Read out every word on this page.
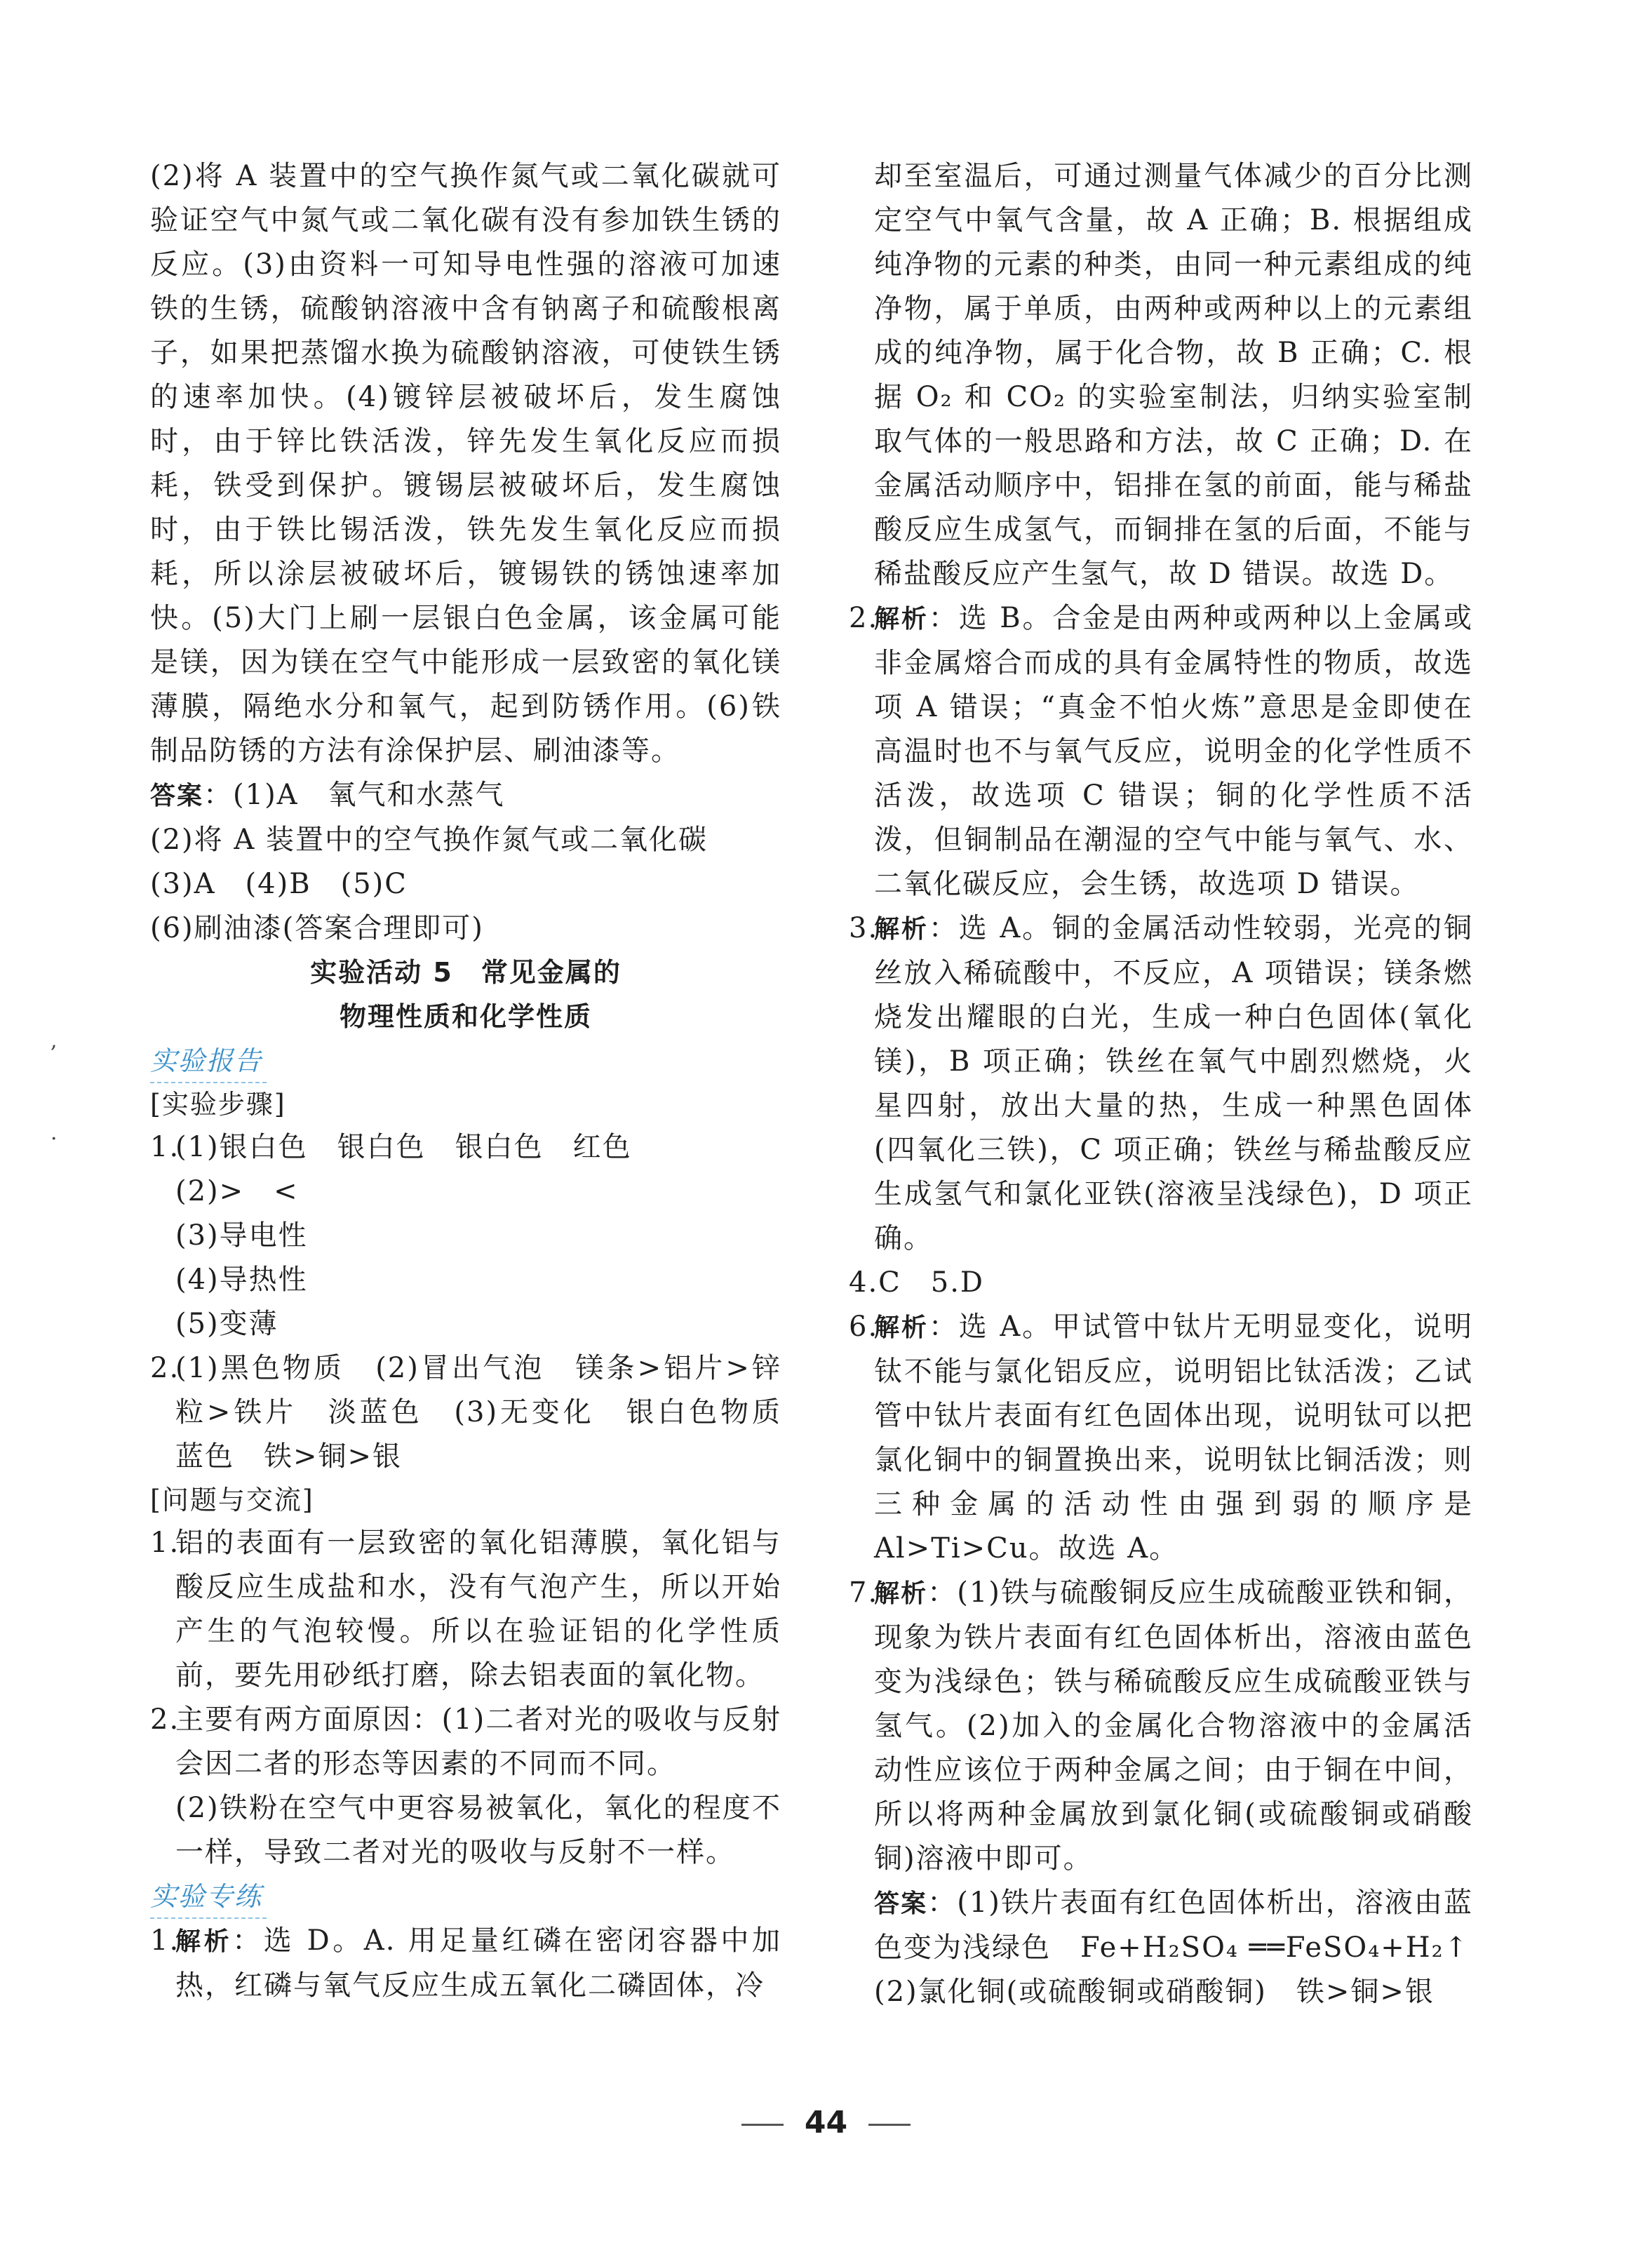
,
·

(2)将 A 装置中的空气换作氮气或二氧化碳就可验证空气中氮气或二氧化碳有没有参加铁生锈的反应。(3)由资料一可知导电性强的溶液可加速铁的生锈，硫酸钠溶液中含有钠离子和硫酸根离子，如果把蒸馏水换为硫酸钠溶液，可使铁生锈的速率加快。(4)镀锌层被破坏后，发生腐蚀时，由于锌比铁活泼，锌先发生氧化反应而损耗，铁受到保护。镀锡层被破坏后，发生腐蚀时，由于铁比锡活泼，铁先发生氧化反应而损耗，所以涂层被破坏后，镀锡铁的锈蚀速率加快。(5)大门上刷一层银白色金属，该金属可能是镁，因为镁在空气中能形成一层致密的氧化镁薄膜，隔绝水分和氧气，起到防锈作用。(6)铁制品防锈的方法有涂保护层、刷油漆等。

答案：(1)A　氧气和水蒸气

(2)将 A 装置中的空气换作氮气或二氧化碳

(3)A　(4)B　(5)C

(6)刷油漆(答案合理即可)

实验活动 5　常见金属的

物理性质和化学性质

实验报告

[ 实验步骤 ]

1.
(1)银白色　银白色　银白色　红色
(2)>　<
(3)导电性
(4)导热性
(5)变薄
2.
(1)黑色物质　(2)冒出气泡　镁条>铝片>锌粒>铁片　淡蓝色　(3)无变化　银白色物质　蓝色　铁>铜>银

[ 问题与交流 ]

1.
铝的表面有一层致密的氧化铝薄膜，氧化铝与酸反应生成盐和水，没有气泡产生，所以开始产生的气泡较慢。所以在验证铝的化学性质前，要先用砂纸打磨，除去铝表面的氧化物。
2.
主要有两方面原因：(1)二者对光的吸收与反射会因二者的形态等因素的不同而不同。
(2)铁粉在空气中更容易被氧化，氧化的程度不一样，导致二者对光的吸收与反射不一样。

实验专练

1.
解析：选 D。A. 用足量红磷在密闭容器中加热，红磷与氧气反应生成五氧化二磷固体，冷

却至室温后，可通过测量气体减少的百分比测定空气中氧气含量，故 A 正确；B. 根据组成纯净物的元素的种类，由同一种元素组成的纯净物，属于单质，由两种或两种以上的元素组成的纯净物，属于化合物，故 B 正确；C. 根据 O₂ 和 CO₂ 的实验室制法，归纳实验室制取气体的一般思路和方法，故 C 正确；D. 在金属活动顺序中，铝排在氢的前面，能与稀盐酸反应生成氢气，而铜排在氢的后面，不能与稀盐酸反应产生氢气，故 D 错误。故选 D。

2.
解析：选 B。合金是由两种或两种以上金属或非金属熔合而成的具有金属特性的物质，故选项 A 错误；“真金不怕火炼”意思是金即使在高温时也不与氧气反应，说明金的化学性质不活泼，故选项 C 错误；铜的化学性质不活泼，但铜制品在潮湿的空气中能与氧气、水、二氧化碳反应，会生锈，故选项 D 错误。
3.
解析：选 A。铜的金属活动性较弱，光亮的铜丝放入稀硫酸中，不反应，A 项错误；镁条燃烧发出耀眼的白光，生成一种白色固体(氧化镁)，B 项正确；铁丝在氧气中剧烈燃烧，火星四射，放出大量的热，生成一种黑色固体(四氧化三铁)，C 项正确；铁丝与稀盐酸反应生成氢气和氯化亚铁(溶液呈浅绿色)，D 项正确。

4.C　5.D

6.
解析：选 A。甲试管中钛片无明显变化，说明钛不能与氯化铝反应，说明铝比钛活泼；乙试管中钛片表面有红色固体出现，说明钛可以把氯化铜中的铜置换出来，说明钛比铜活泼；则三种金属的活动性由强到弱的顺序是 Al>Ti>Cu。故选 A。
7.
解析：(1)铁与硫酸铜反应生成硫酸亚铁和铜，现象为铁片表面有红色固体析出，溶液由蓝色变为浅绿色；铁与稀硫酸反应生成硫酸亚铁与氢气。(2)加入的金属化合物溶液中的金属活动性应该位于两种金属之间；由于铜在中间，所以将两种金属放到氯化铜(或硫酸铜或硝酸铜)溶液中即可。

答案：(1)铁片表面有红色固体析出，溶液由蓝色变为浅绿色　Fe+H₂SO₄ ══FeSO₄+H₂↑

(2)氯化铜(或硫酸铜或硝酸铜)　铁>铜>银

44
